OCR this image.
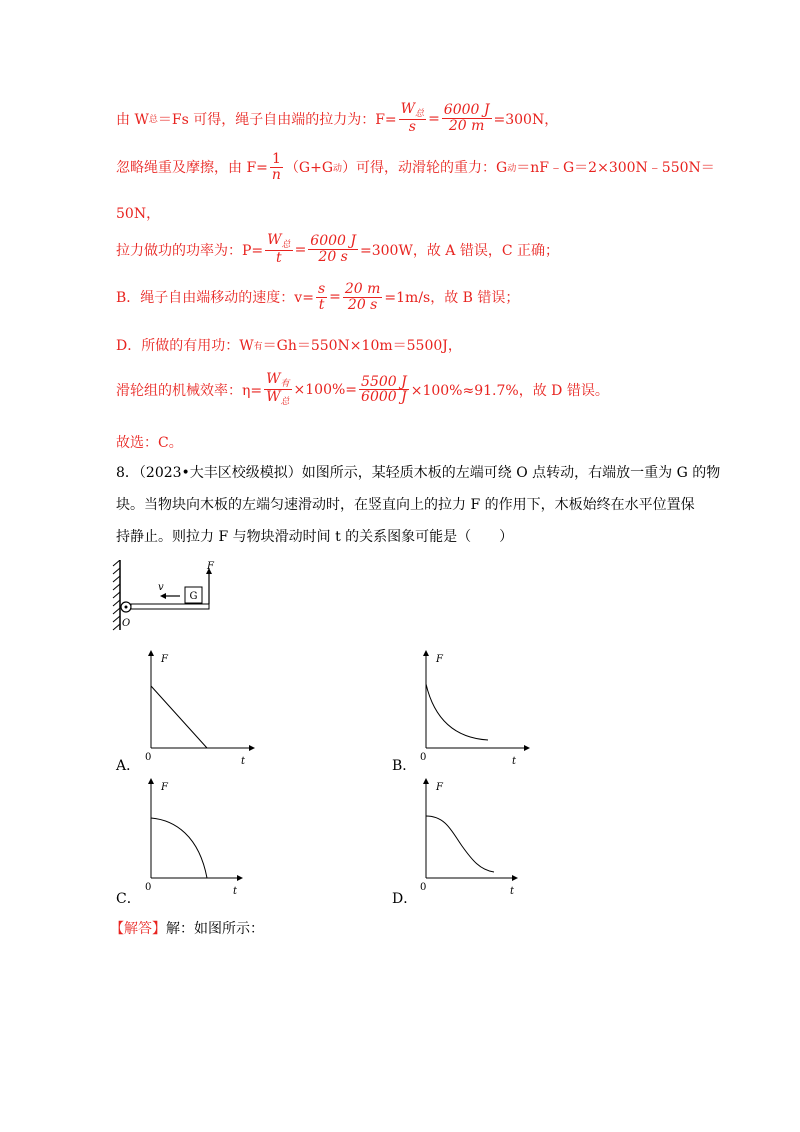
由 W 总 ＝Fs 可得，绳子自由端的拉力为：$F= \frac{W_总}{s} = \frac{6000 J}{20 m} =300N$，
忽略绳重及摩擦，由 $F= \frac{1}{n} (G+G$ 动 ）可得，动滑轮的重力：G 动 ＝nF﹣G＝2×300N﹣550N＝
50N，
拉力做功的功率为：$P= \frac{W_总}{t} = \frac{6000 J}{20 s} =300W$，故 A 错误，C 正确；
B．绳子自由端移动的速度：$v= \frac{s}{t} = \frac{20 m}{20 s} =1m/s$，故 B 错误；
D．所做的有用功：W 有 ＝Gh＝550N×10m＝5500J，
滑轮组的机械效率：$\eta= \frac{W_有}{W_总} \times 100\%= \frac{5500 J}{6000 J} \times 100\%\approx 91.7\%$，故 D 错误。
故选：C。
8．（2023•大丰区校级模拟）如图所示，某轻质木板的左端可绕 O 点转动，右端放一重为 G 的物
块。当物块向木板的左端匀速滑动时，在竖直向上的拉力 F 的作用下，木板始终在水平位置保
持静止。则拉力 F 与物块滑动时间 t 的关系图象可能是（　　）
G
v
F
O
F
0	t
A．
F
0	t
B．
F
0	t
C．
F
0	t
D．
【解答】 解：如图所示：
